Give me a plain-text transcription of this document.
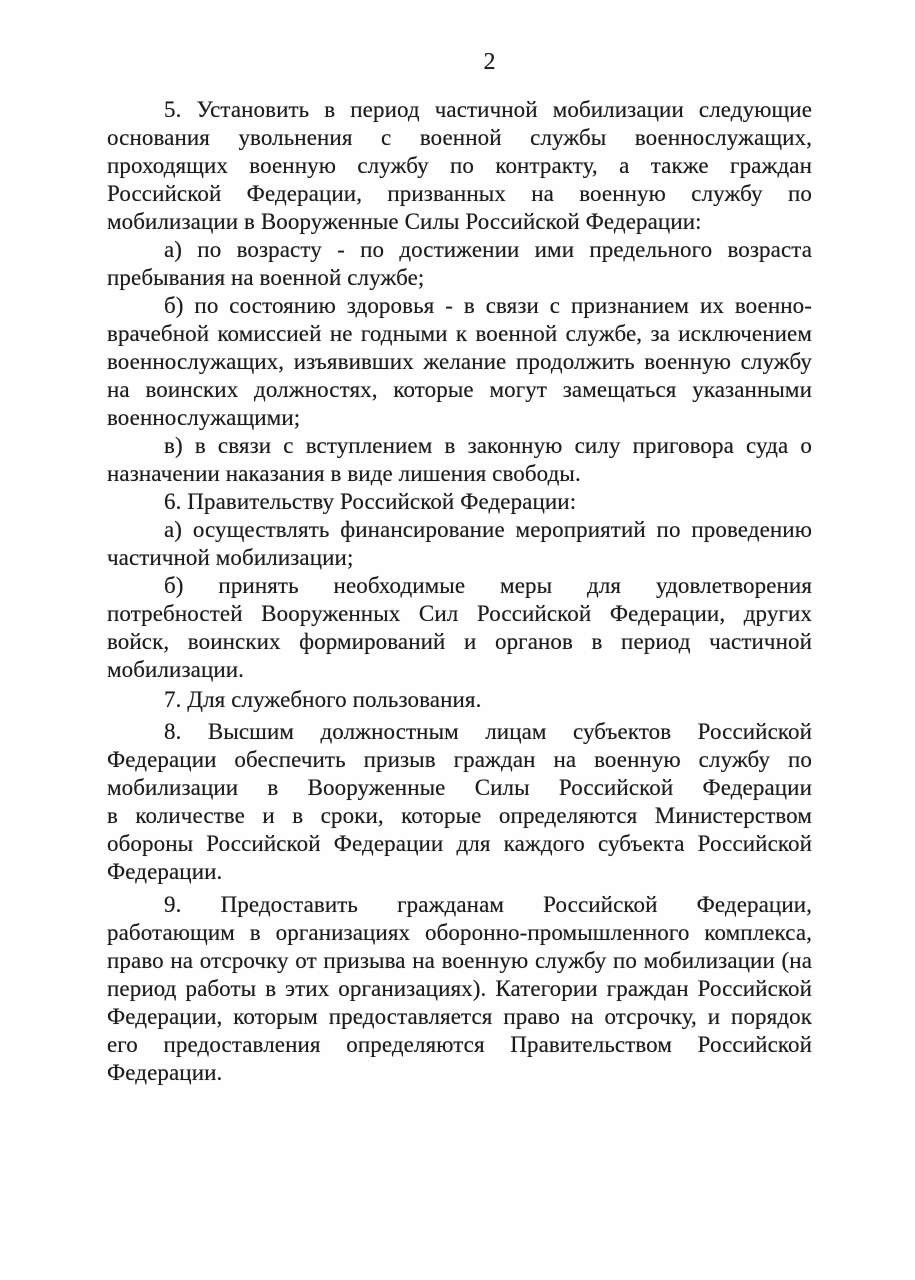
2
5. Установить в период частичной мобилизации следующие
основания увольнения с военной службы военнослужащих,
проходящих военную службу по контракту, а также граждан
Российской Федерации, призванных на военную службу по
мобилизации в Вооруженные Силы Российской Федерации:
а) по возрасту - по достижении ими предельного возраста
пребывания на военной службе;
б) по состоянию здоровья - в связи с признанием их военно-
врачебной комиссией не годными к военной службе, за исключением
военнослужащих, изъявивших желание продолжить военную службу
на воинских должностях, которые могут замещаться указанными
военнослужащими;
в) в связи с вступлением в законную силу приговора суда о
назначении наказания в виде лишения свободы.
6. Правительству Российской Федерации:
а) осуществлять финансирование мероприятий по проведению
частичной мобилизации;
б) принять необходимые меры для удовлетворения
потребностей Вооруженных Сил Российской Федерации, других
войск, воинских формирований и органов в период частичной
мобилизации.
7. Для служебного пользования.
8. Высшим должностным лицам субъектов Российской
Федерации обеспечить призыв граждан на военную службу по
мобилизации в Вооруженные Силы Российской Федерации
в количестве и в сроки, которые определяются Министерством
обороны Российской Федерации для каждого субъекта Российской
Федерации.
9. Предоставить гражданам Российской Федерации,
работающим в организациях оборонно-промышленного комплекса,
право на отсрочку от призыва на военную службу по мобилизации (на
период работы в этих организациях). Категории граждан Российской
Федерации, которым предоставляется право на отсрочку, и порядок
его предоставления определяются Правительством Российской
Федерации.
